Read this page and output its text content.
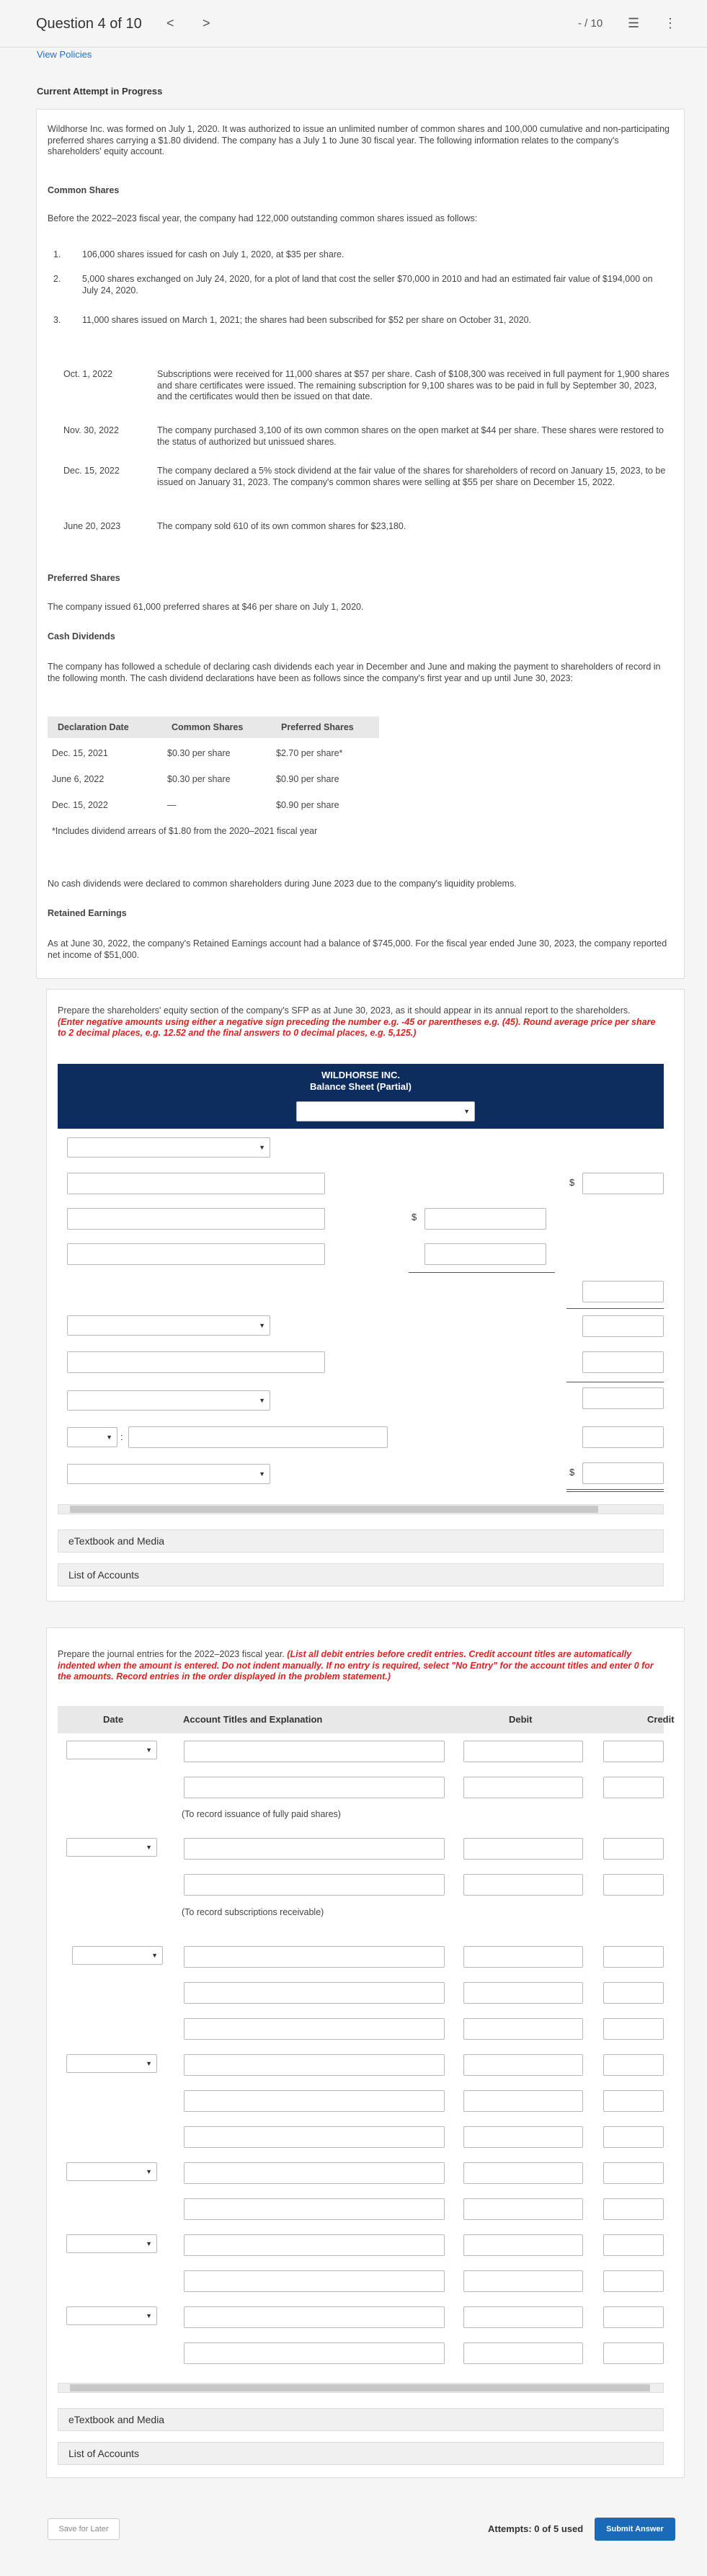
Question 4 of 10 < >	- / 10 ☰ ⋮
View Policies
Current Attempt in Progress
Wildhorse Inc. was formed on July 1, 2020. It was authorized to issue an unlimited number of common shares and 100,000 cumulative and non-participating preferred shares carrying a $1.80 dividend. The company has a July 1 to June 30 fiscal year. The following information relates to the company's shareholders' equity account.
Common Shares
Before the 2022–2023 fiscal year, the company had 122,000 outstanding common shares issued as follows:
1. 106,000 shares issued for cash on July 1, 2020, at $35 per share.
2. 5,000 shares exchanged on July 24, 2020, for a plot of land that cost the seller $70,000 in 2010 and had an estimated fair value of $194,000 on July 24, 2020.
3. 11,000 shares issued on March 1, 2021; the shares had been subscribed for $52 per share on October 31, 2020.
Oct. 1, 2022	Subscriptions were received for 11,000 shares at $57 per share. Cash of $108,300 was received in full payment for 1,900 shares and share certificates were issued. The remaining subscription for 9,100 shares was to be paid in full by September 30, 2023, and the certificates would then be issued on that date.
Nov. 30, 2022	The company purchased 3,100 of its own common shares on the open market at $44 per share. These shares were restored to the status of authorized but unissued shares.
Dec. 15, 2022	The company declared a 5% stock dividend at the fair value of the shares for shareholders of record on January 15, 2023, to be issued on January 31, 2023. The company's common shares were selling at $55 per share on December 15, 2022.
June 20, 2023	The company sold 610 of its own common shares for $23,180.
Preferred Shares
The company issued 61,000 preferred shares at $46 per share on July 1, 2020.
Cash Dividends
The company has followed a schedule of declaring cash dividends each year in December and June and making the payment to shareholders of record in the following month. The cash dividend declarations have been as follows since the company's first year and up until June 30, 2023:
Declaration Date	Common Shares	Preferred Shares
Dec. 15, 2021	$0.30 per share	$2.70 per share*
June 6, 2022	$0.30 per share	$0.90 per share
Dec. 15, 2022	—	$0.90 per share
*Includes dividend arrears of $1.80 from the 2020–2021 fiscal year
No cash dividends were declared to common shareholders during June 2023 due to the company's liquidity problems.
Retained Earnings
As at June 30, 2022, the company's Retained Earnings account had a balance of $745,000. For the fiscal year ended June 30, 2023, the company reported net income of $51,000.
Prepare the shareholders' equity section of the company's SFP as at June 30, 2023, as it should appear in its annual report to the shareholders. (Enter negative amounts using either a negative sign preceding the number e.g. -45 or parentheses e.g. (45). Round average price per share to 2 decimal places, e.g. 12.52 and the final answers to 0 decimal places, e.g. 5,125.)
WILDHORSE INC.
Balance Sheet (Partial)
▼
▼
$
$
▼
▼
▼ :
▼	$
eTextbook and Media
List of Accounts
Prepare the journal entries for the 2022–2023 fiscal year. (List all debit entries before credit entries. Credit account titles are automatically indented when the amount is entered. Do not indent manually. If no entry is required, select "No Entry" for the account titles and enter 0 for the amounts. Record entries in the order displayed in the problem statement.)
Date	Account Titles and Explanation	Debit	Credit
▼
▼
▼
▼
▼
▼
▼
(To record issuance of fully paid shares)
(To record subscriptions receivable)
eTextbook and Media
List of Accounts
Save for Later	Attempts: 0 of 5 used	Submit Answer
